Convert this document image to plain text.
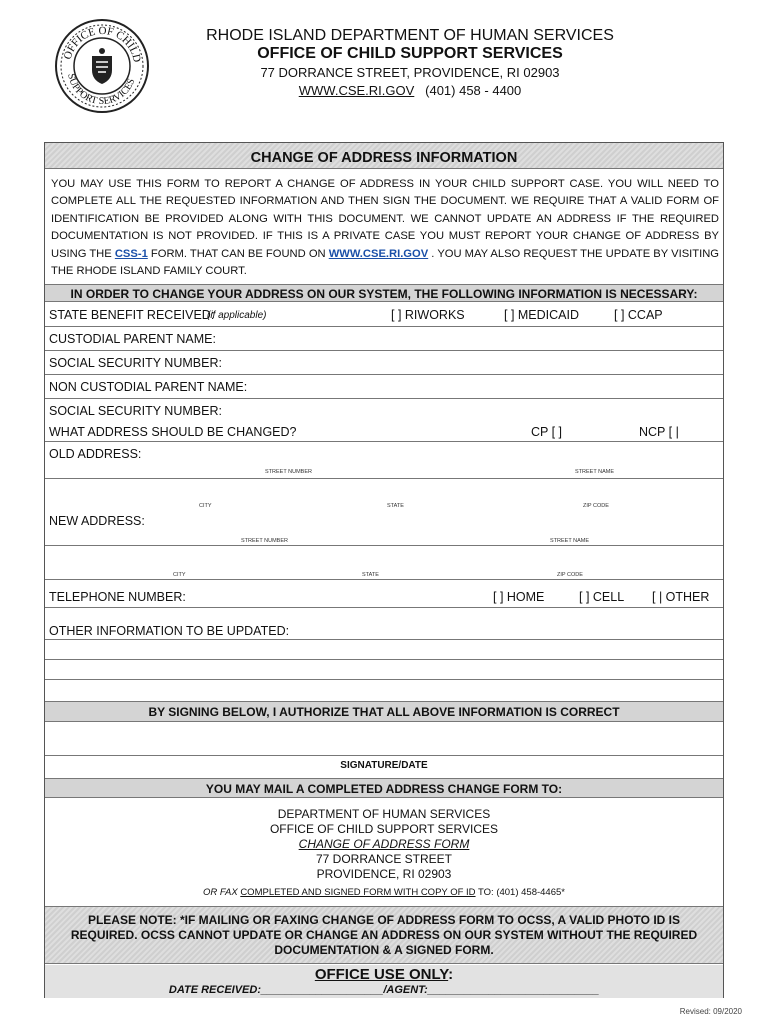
OFFICE OF CHILD
SUPPORT SERVICES
RHODE ISLAND DEPARTMENT OF HUMAN SERVICES
OFFICE OF CHILD SUPPORT SERVICES
77 DORRANCE STREET, PROVIDENCE, RI 02903
WWW.CSE.RI.GOV (401) 458 - 4400
CHANGE OF ADDRESS INFORMATION
YOU MAY USE THIS FORM TO REPORT A CHANGE OF ADDRESS IN YOUR CHILD SUPPORT CASE. YOU WILL NEED TO COMPLETE ALL THE REQUESTED INFORMATION AND THEN SIGN THE DOCUMENT. WE REQUIRE THAT A VALID FORM OF IDENTIFICATION BE PROVIDED ALONG WITH THIS DOCUMENT. WE CANNOT UPDATE AN ADDRESS IF THE REQUIRED DOCUMENTATION IS NOT PROVIDED. IF THIS IS A PRIVATE CASE YOU MUST REPORT YOUR CHANGE OF ADDRESS BY USING THE CSS-1 FORM. THAT CAN BE FOUND ON WWW.CSE.RI.GOV . YOU MAY ALSO REQUEST THE UPDATE BY VISITING THE RHODE ISLAND FAMILY COURT.
IN ORDER TO CHANGE YOUR ADDRESS ON OUR SYSTEM, THE FOLLOWING INFORMATION IS NECESSARY:
STATE BENEFIT RECEIVED:
(if applicable)	[ ] RIWORKS	[ ] MEDICAID	[ ] CCAP
CUSTODIAL PARENT NAME:
SOCIAL SECURITY NUMBER:
NON CUSTODIAL PARENT NAME:
SOCIAL SECURITY NUMBER:
WHAT ADDRESS SHOULD BE CHANGED?	CP [ ]	NCP [ |
OLD ADDRESS:
STREET NUMBER	STREET NAME
CITY	STATE	ZIP CODE
NEW ADDRESS:
STREET NUMBER	STREET NAME
CITY	STATE	ZIP CODE
TELEPHONE NUMBER:	[ ] HOME	[ ] CELL [ | OTHER
OTHER INFORMATION TO BE UPDATED:
BY SIGNING BELOW, I AUTHORIZE THAT ALL ABOVE INFORMATION IS CORRECT
SIGNATURE/DATE
YOU MAY MAIL A COMPLETED ADDRESS CHANGE FORM TO:
DEPARTMENT OF HUMAN SERVICES
OFFICE OF CHILD SUPPORT SERVICES
CHANGE OF ADDRESS FORM
77 DORRANCE STREET
PROVIDENCE, RI 02903
OR FAX COMPLETED AND SIGNED FORM WITH COPY OF ID TO: (401) 458-4465*
PLEASE NOTE: *IF MAILING OR FAXING CHANGE OF ADDRESS FORM TO OCSS, A VALID PHOTO ID IS REQUIRED. OCSS CANNOT UPDATE OR CHANGE AN ADDRESS ON OUR SYSTEM WITHOUT THE REQUIRED DOCUMENTATION & A SIGNED FORM.
OFFICE USE ONLY:
DATE RECEIVED:____________________/AGENT:____________________________
Revised: 09/2020
